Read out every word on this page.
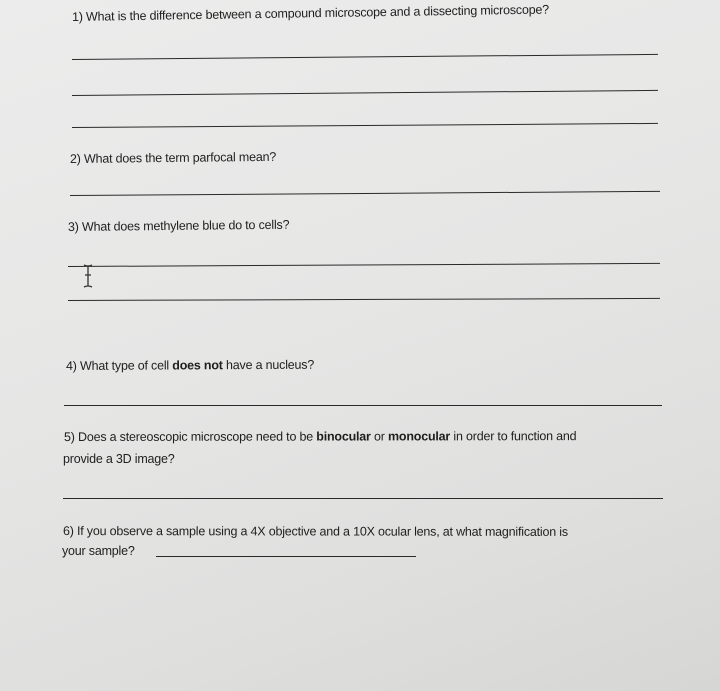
1) What is the difference between a compound microscope and a dissecting microscope?
2) What does the term parfocal mean?
3) What does methylene blue do to cells?
4) What type of cell does not have a nucleus?
5) Does a stereoscopic microscope need to be binocular or monocular in order to function and
provide a 3D image?
6) If you observe a sample using a 4X objective and a 10X ocular lens, at what magnification is
your sample?
